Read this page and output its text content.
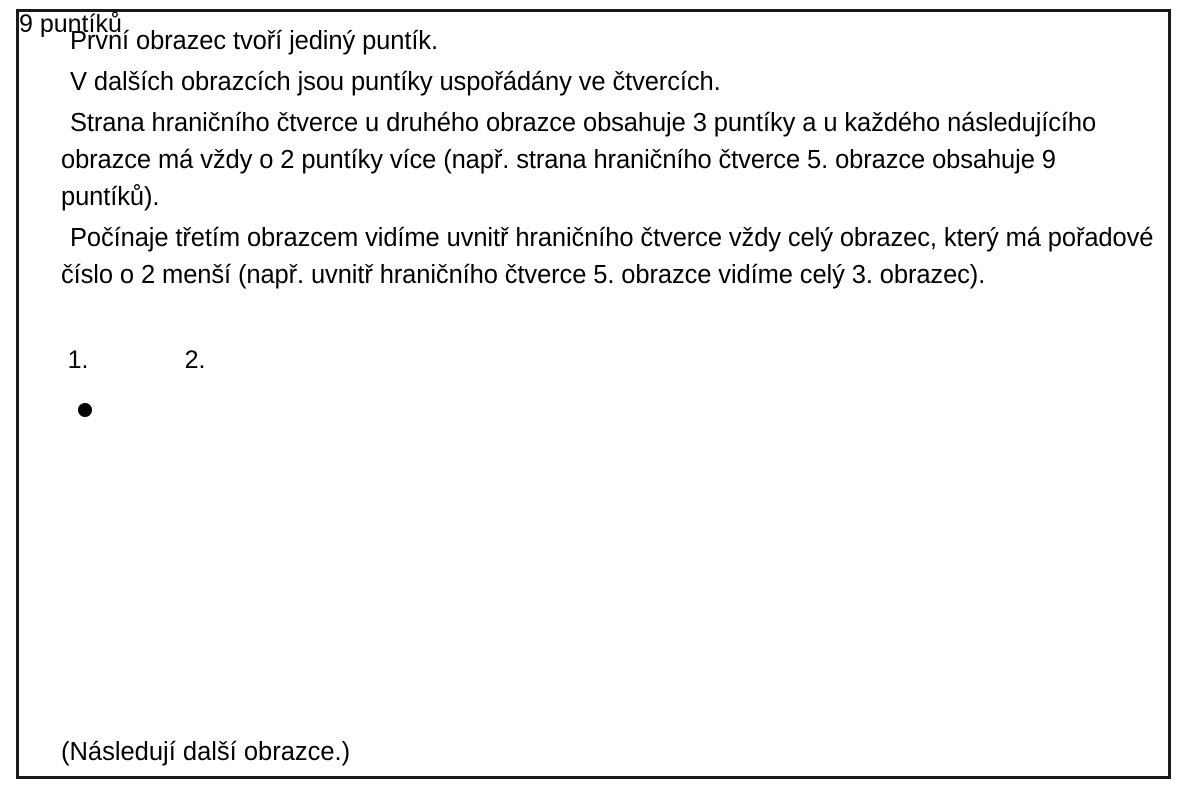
První obrazec tvoří jediný puntík.

V dalších obrazcích jsou puntíky uspořádány ve čtvercích.

Strana hraničního čtverce u druhého obrazce obsahuje 3 puntíky a u každého následujícího obrazce má vždy o 2 puntíky více (např. strana hraničního čtverce 5. obrazce obsahuje 9 puntíků).

Počínaje třetím obrazcem vidíme uvnitř hraničního čtverce vždy celý obrazec, který má pořadové číslo o 2 menší (např. uvnitř hraničního čtverce 5. obrazce vidíme celý 3. obrazec).

1.	2.
9 puntíků
(Následují další obrazce.)
